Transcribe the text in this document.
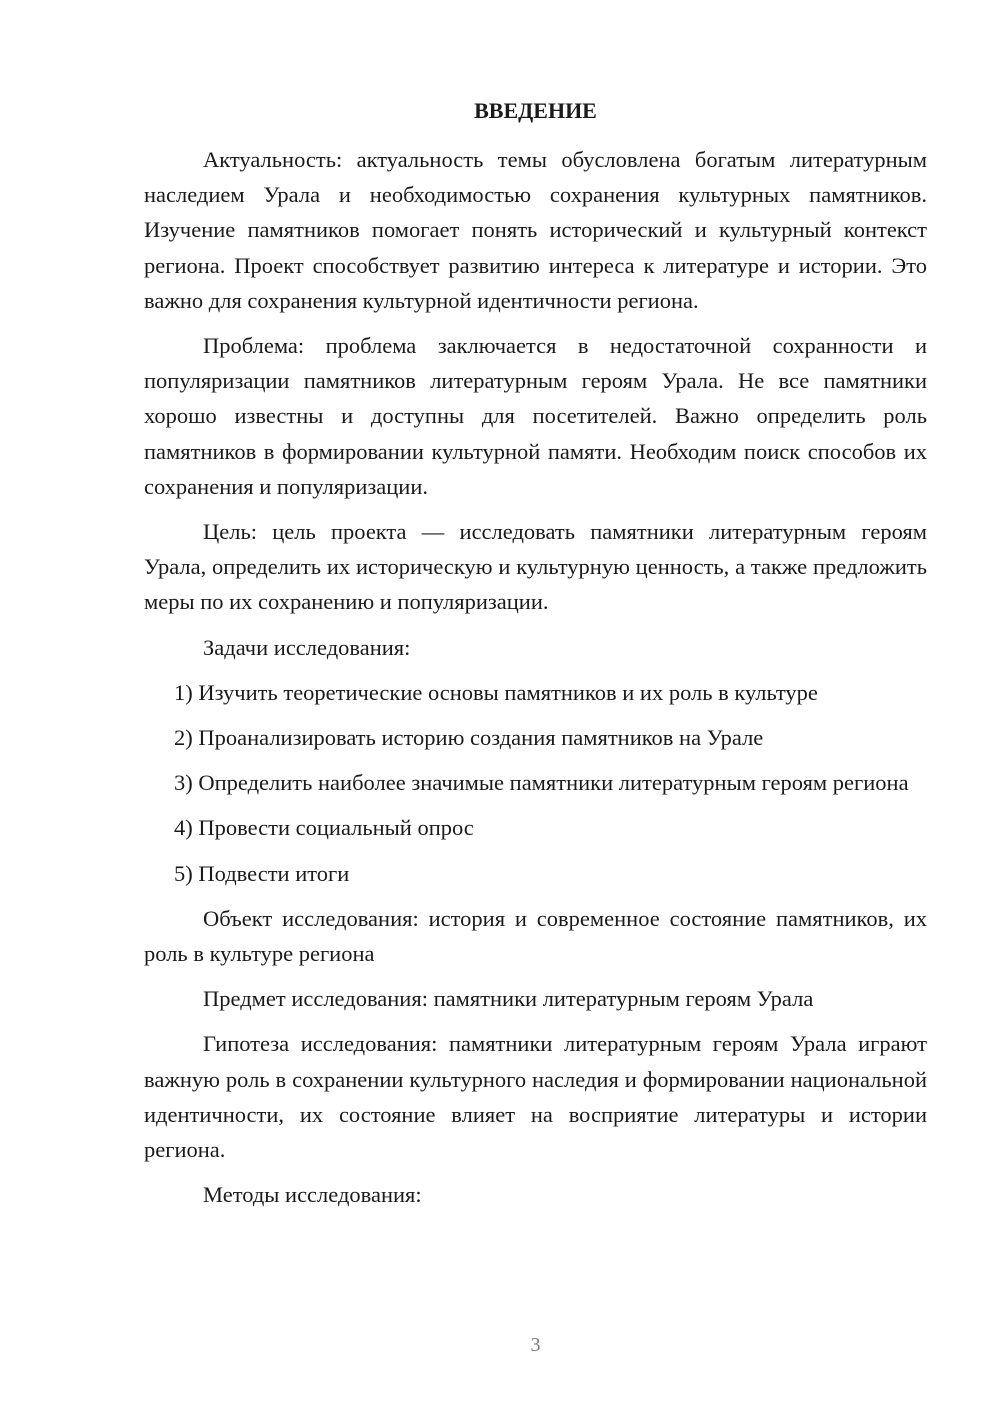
ВВЕДЕНИЕ

Актуальность: актуальность темы обусловлена богатым литературным наследием Урала и необходимостью сохранения культурных памятников. Изучение памятников помогает понять исторический и культурный контекст региона. Проект способствует развитию интереса к литературе и истории. Это важно для сохранения культурной идентичности региона.

Проблема: проблема заключается в недостаточной сохранности и популяризации памятников литературным героям Урала. Не все памятники хорошо известны и доступны для посетителей. Важно определить роль памятников в формировании культурной памяти. Необходим поиск способов их сохранения и популяризации.

Цель: цель проекта — исследовать памятники литературным героям Урала, определить их историческую и культурную ценность, а также предложить меры по их сохранению и популяризации.

Задачи исследования:

1) Изучить теоретические основы памятников и их роль в культуре

2) Проанализировать историю создания памятников на Урале

3) Определить наиболее значимые памятники литературным героям региона

4) Провести социальный опрос

5) Подвести итоги

Объект исследования: история и современное состояние памятников, их роль в культуре региона

Предмет исследования: памятники литературным героям Урала

Гипотеза исследования: памятники литературным героям Урала играют важную роль в сохранении культурного наследия и формировании национальной идентичности, их состояние влияет на восприятие литературы и истории региона.

Методы исследования:

3
